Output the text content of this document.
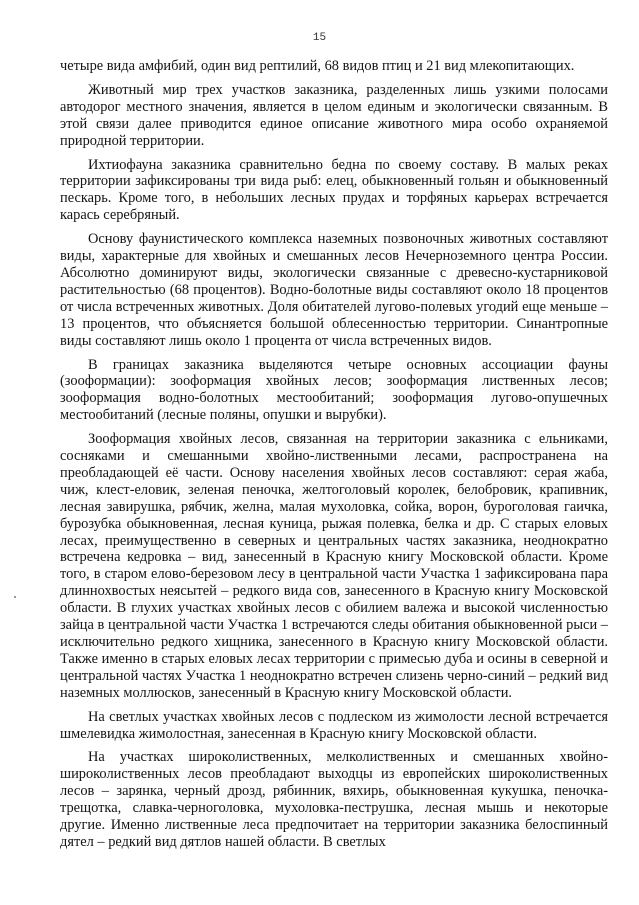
15

четыре вида амфибий, один вид рептилий, 68 видов птиц и 21 вид млекопитающих.

Животный мир трех участков заказника, разделенных лишь узкими полосами автодорог местного значения, является в целом единым и экологически связанным. В этой связи далее приводится единое описание животного мира особо охраняемой природной территории.

Ихтиофауна заказника сравнительно бедна по своему составу. В малых реках территории зафиксированы три вида рыб: елец, обыкновенный гольян и обыкновенный пескарь. Кроме того, в небольших лесных прудах и торфяных карьерах встречается карась серебряный.

Основу фаунистического комплекса наземных позвоночных животных составляют виды, характерные для хвойных и смешанных лесов Нечерноземного центра России. Абсолютно доминируют виды, экологически связанные с древесно-кустарниковой растительностью (68 процентов). Водно-болотные виды составляют около 18 процентов от числа встреченных животных. Доля обитателей лугово-полевых угодий еще меньше – 13 процентов, что объясняется большой облесенностью территории. Синантропные виды составляют лишь около 1 процента от числа встреченных видов.

В границах заказника выделяются четыре основных ассоциации фауны (зооформации): зооформация хвойных лесов; зооформация лиственных лесов; зооформация водно-болотных местообитаний; зооформация лугово-опушечных местообитаний (лесные поляны, опушки и вырубки).

Зооформация хвойных лесов, связанная на территории заказника с ельниками, сосняками и смешанными хвойно-лиственными лесами, распространена на преобладающей её части. Основу населения хвойных лесов составляют: серая жаба, чиж, клест-еловик, зеленая пеночка, желтоголовый королек, белобровик, крапивник, лесная завирушка, рябчик, желна, малая мухоловка, сойка, ворон, буроголовая гаичка, бурозубка обыкновенная, лесная куница, рыжая полевка, белка и др. С старых еловых лесах, преимущественно в северных и центральных частях заказника, неоднократно встречена кедровка – вид, занесенный в Красную книгу Московской области. Кроме того, в старом елово-березовом лесу в центральной части Участка 1 зафиксирована пара длиннохвостых неясытей – редкого вида сов, занесенного в Красную книгу Московской области. В глухих участках хвойных лесов с обилием валежа и высокой численностью зайца в центральной части Участка 1 встречаются следы обитания обыкновенной рыси – исключительно редкого хищника, занесенного в Красную книгу Московской области. Также именно в старых еловых лесах территории с примесью дуба и осины в северной и центральной частях Участка 1 неоднократно встречен слизень черно-синий – редкий вид наземных моллюсков, занесенный в Красную книгу Московской области.

На светлых участках хвойных лесов с подлеском из жимолости лесной встречается шмелевидка жимолостная, занесенная в Красную книгу Московской области.

На участках широколиственных, мелколиственных и смешанных хвойно-широколиственных лесов преобладают выходцы из европейских широколиственных лесов – зарянка, черный дрозд, рябинник, вяхирь, обыкновенная кукушка, пеночка-трещотка, славка-черноголовка, мухоловка-пеструшка, лесная мышь и некоторые другие. Именно лиственные леса предпочитает на территории заказника белоспинный дятел – редкий вид дятлов нашей области. В светлых
